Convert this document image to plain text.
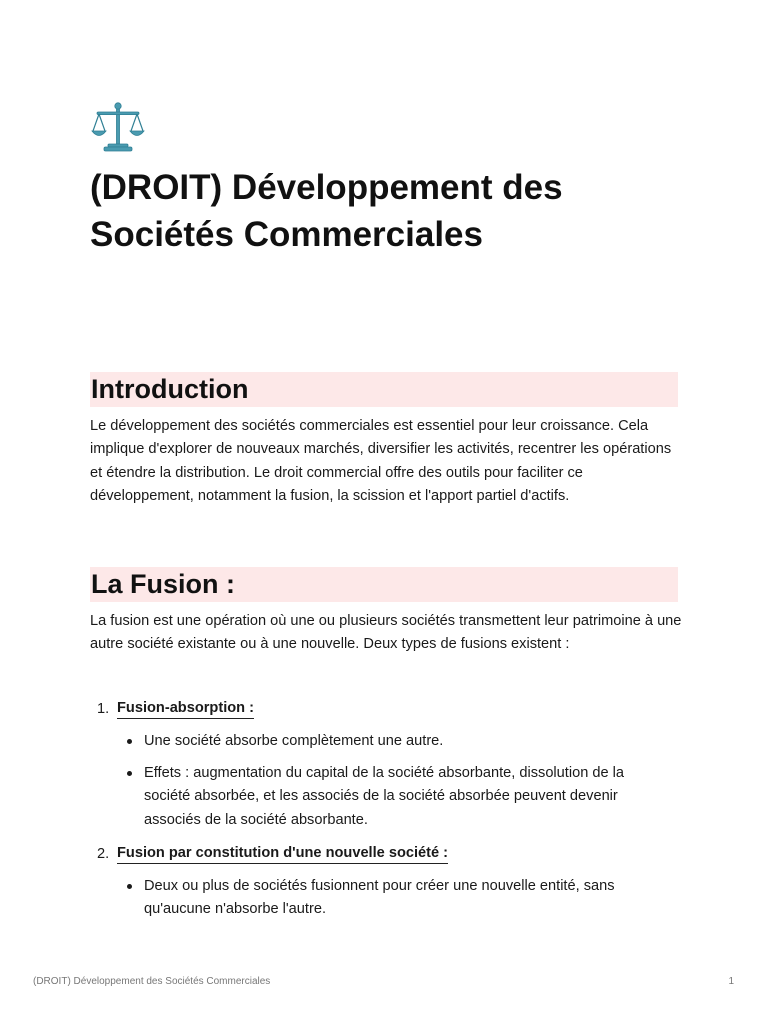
(DROIT) Développement des Sociétés Commerciales
Introduction

Le développement des sociétés commerciales est essentiel pour leur croissance. Cela implique d'explorer de nouveaux marchés, diversifier les activités, recentrer les opérations et étendre la distribution. Le droit commercial offre des outils pour faciliter ce développement, notamment la fusion, la scission et l'apport partiel d'actifs.

La Fusion :

La fusion est une opération où une ou plusieurs sociétés transmettent leur patrimoine à une autre société existante ou à une nouvelle. Deux types de fusions existent :

1. Fusion-absorption :
Une société absorbe complètement une autre.
Effets : augmentation du capital de la société absorbante, dissolution de la société absorbée, et les associés de la société absorbée peuvent devenir associés de la société absorbante.
2. Fusion par constitution d'une nouvelle société :
Deux ou plus de sociétés fusionnent pour créer une nouvelle entité, sans qu'aucune n'absorbe l'autre.
(DROIT) Développement des Sociétés Commerciales	1
